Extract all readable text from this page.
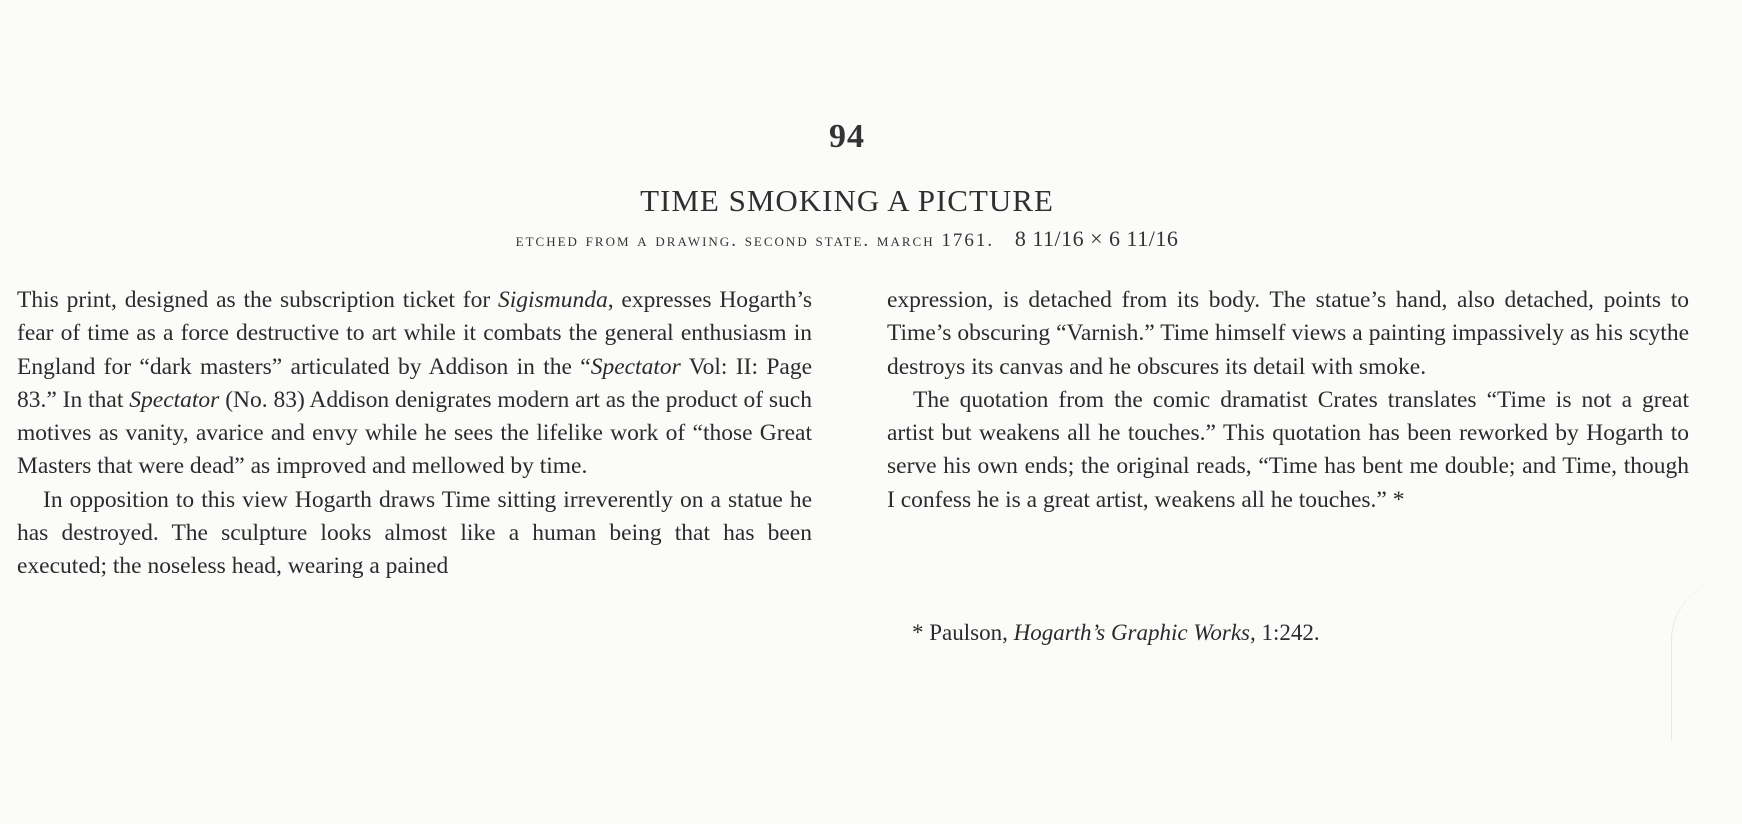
94
TIME SMOKING A PICTURE
etched from a drawing. second state. march 1761. 8 11/16 × 6 11/16

This print, designed as the subscription ticket for Sigismunda, expresses Hogarth’s fear of time as a force destructive to art while it combats the general enthusiasm in England for “dark masters” articulated by Addison in the “Spectator Vol: II: Page 83.” In that Spectator (No. 83) Addison denigrates modern art as the product of such motives as vanity, avarice and envy while he sees the lifelike work of “those Great Masters that were dead” as improved and mellowed by time.

In opposition to this view Hogarth draws Time sitting irreverently on a statue he has destroyed. The sculpture looks almost like a human being that has been executed; the noseless head, wearing a pained

expression, is detached from its body. The statue’s hand, also detached, points to Time’s obscuring “Varnish.” Time himself views a painting impassively as his scythe destroys its canvas and he obscures its detail with smoke.

The quotation from the comic dramatist Crates translates “Time is not a great artist but weakens all he touches.” This quotation has been reworked by Hogarth to serve his own ends; the original reads, “Time has bent me double; and Time, though I confess he is a great artist, weakens all he touches.” *

* Paulson, Hogarth’s Graphic Works, 1:242.
